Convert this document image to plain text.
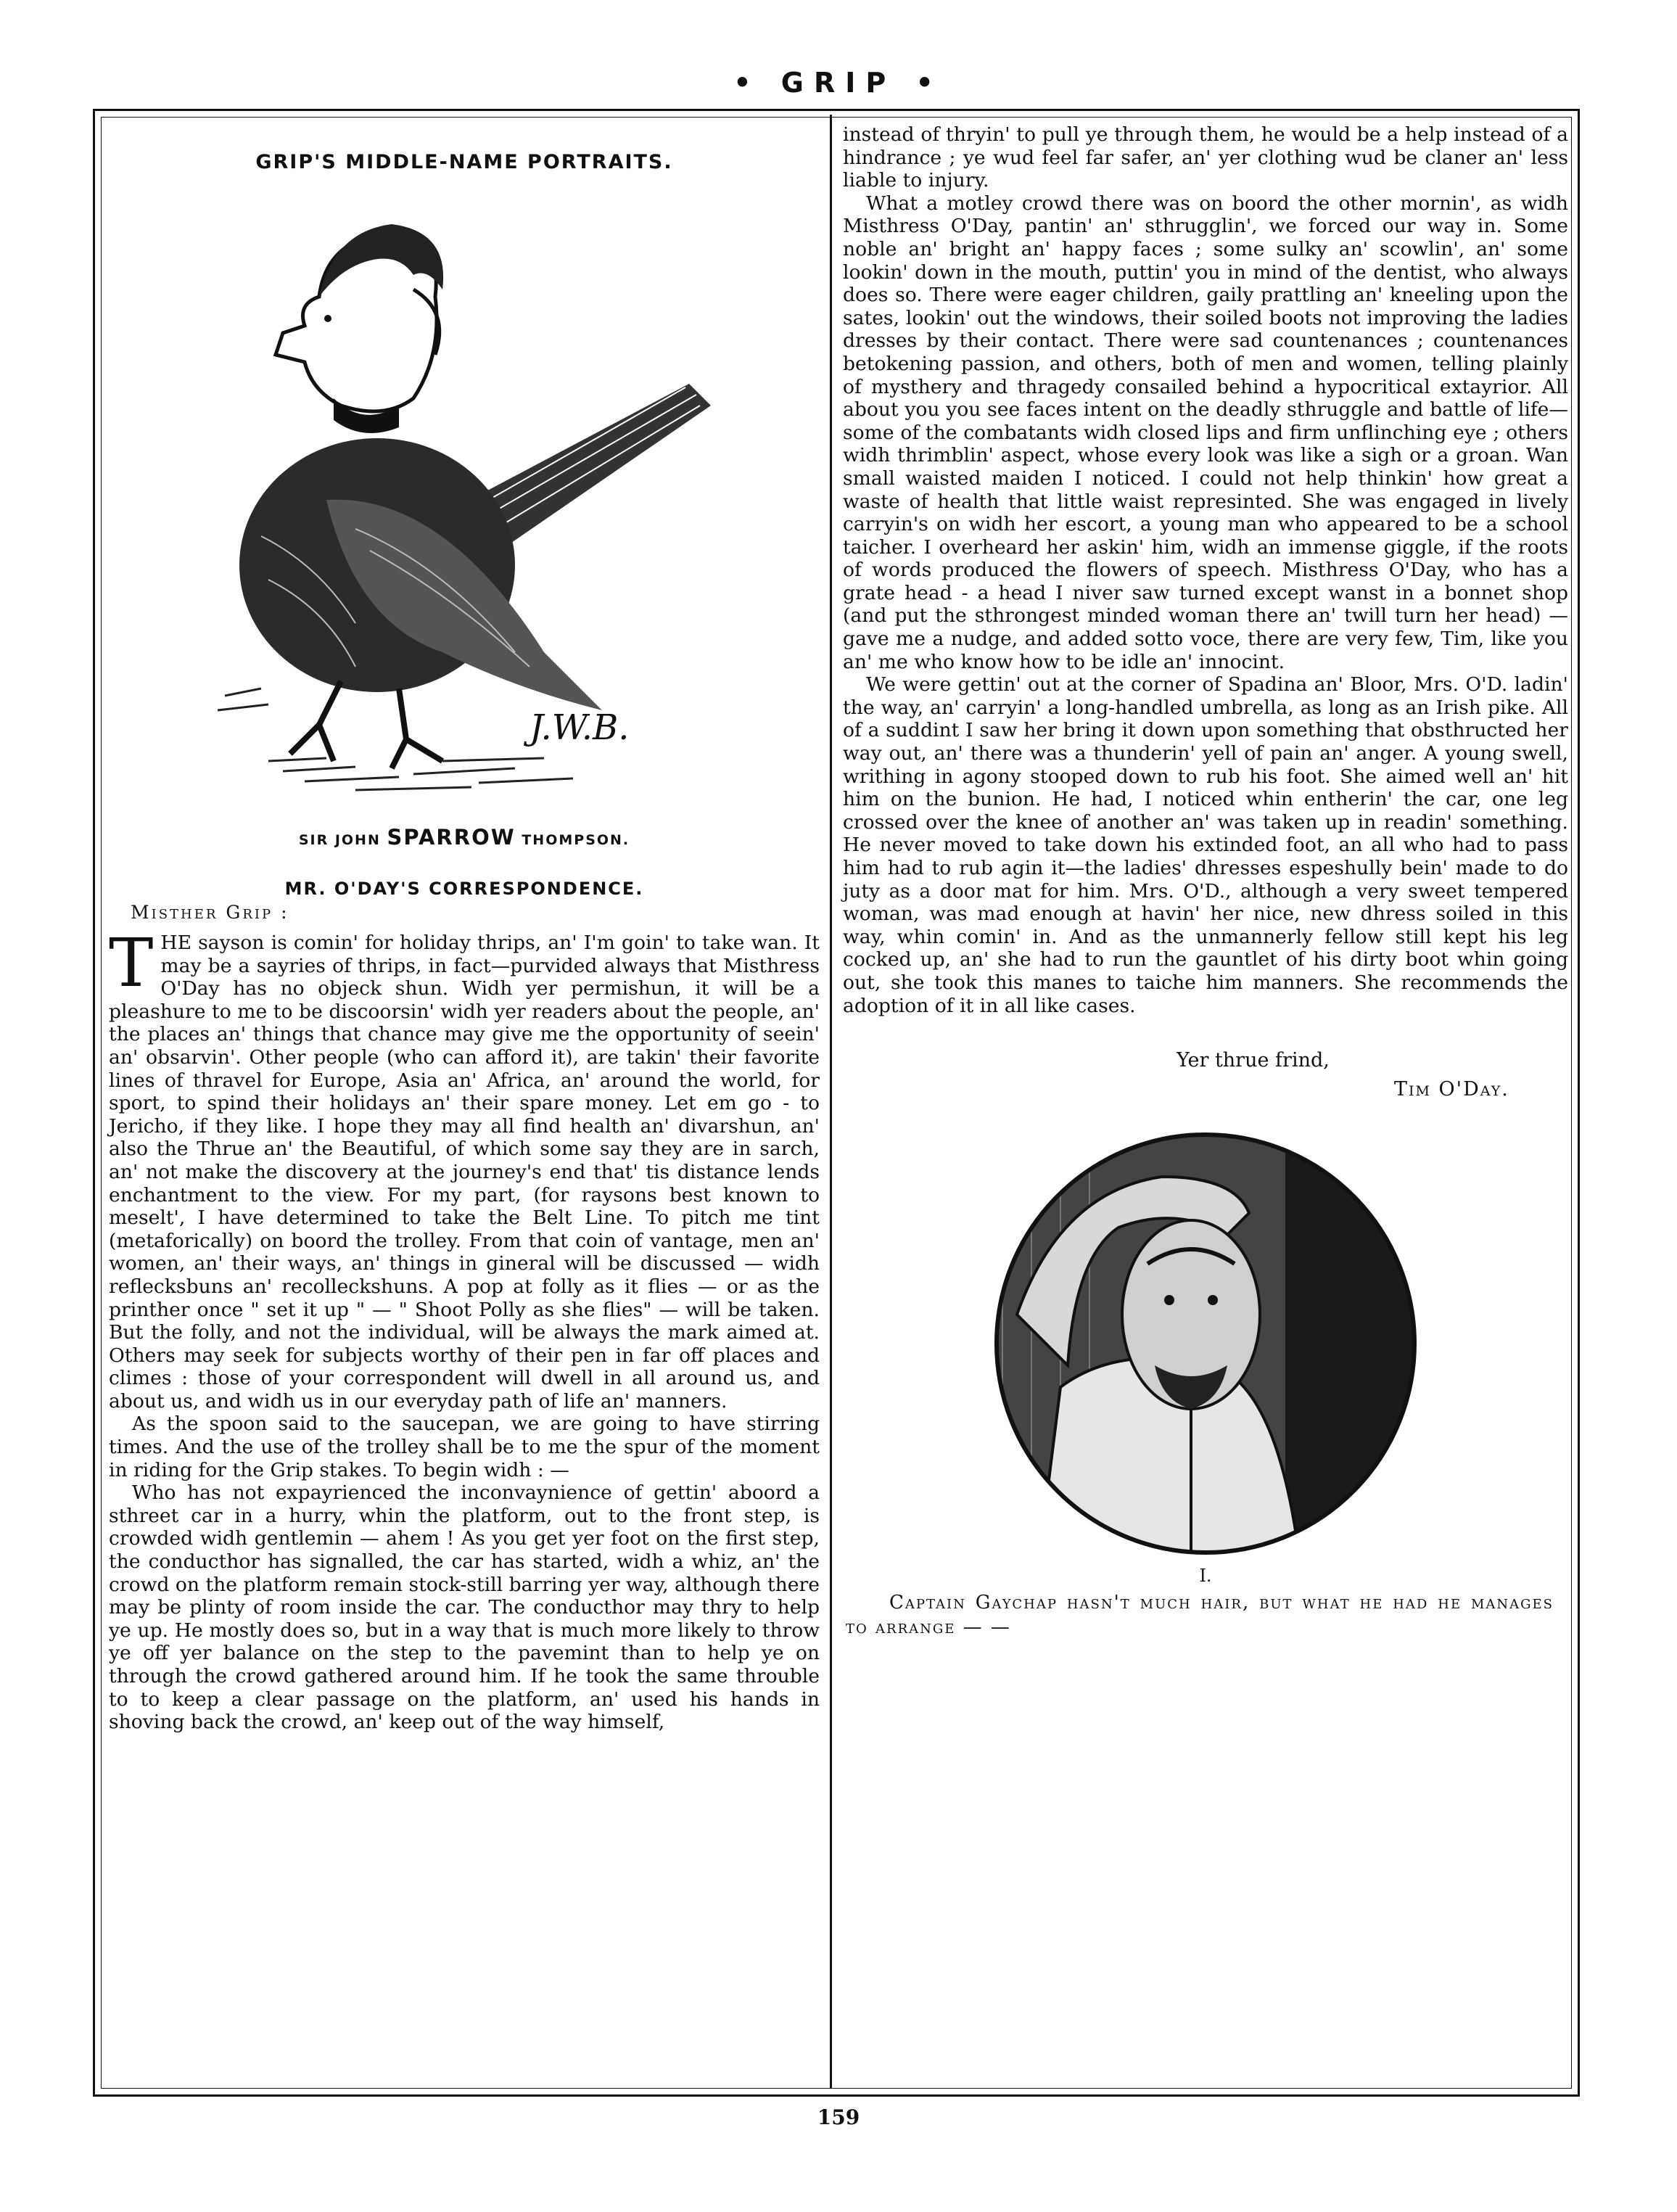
• GRIP •
GRIP'S MIDDLE-NAME PORTRAITS.
J.W.B.
SIR JOHN SPARROW THOMPSON.
MR. O'DAY'S CORRESPONDENCE.
Misther Grip :

THE sayson is comin' for holiday thrips, an' I'm goin' to take wan. It may be a sayries of thrips, in fact—purvided always that Misthress O'Day has no objeck shun. Widh yer permishun, it will be a pleashure to me to be discoorsin' widh yer readers about the people, an' the places an' things that chance may give me the opportunity of seein' an' obsarvin'. Other people (who can afford it), are takin' their favorite lines of thravel for Europe, Asia an' Africa, an' around the world, for sport, to spind their holidays an' their spare money. Let em go - to Jericho, if they like. I hope they may all find health an' divarshun, an' also the Thrue an' the Beautiful, of which some say they are in sarch, an' not make the discovery at the journey's end that' tis distance lends enchantment to the view. For my part, (for raysons best known to meselt', I have determined to take the Belt Line. To pitch me tint (metaforically) on boord the trolley. From that coin of vantage, men an' women, an' their ways, an' things in gineral will be discussed — widh reflecksbuns an' recolleckshuns. A pop at folly as it flies — or as the printher once " set it up " — " Shoot Polly as she flies" — will be taken. But the folly, and not the individual, will be always the mark aimed at. Others may seek for subjects worthy of their pen in far off places and climes : those of your correspondent will dwell in all around us, and about us, and widh us in our everyday path of life an' manners.

As the spoon said to the saucepan, we are going to have stirring times. And the use of the trolley shall be to me the spur of the moment in riding for the Grip stakes. To begin widh : —

Who has not expayrienced the inconvaynience of gettin' aboord a sthreet car in a hurry, whin the platform, out to the front step, is crowded widh gentlemin — ahem ! As you get yer foot on the first step, the conducthor has signalled, the car has started, widh a whiz, an' the crowd on the platform remain stock-still barring yer way, although there may be plinty of room inside the car. The conducthor may thry to help ye up. He mostly does so, but in a way that is much more likely to throw ye off yer balance on the step to the pavemint than to help ye on through the crowd gathered around him. If he took the same throuble to to keep a clear passage on the platform, an' used his hands in shoving back the crowd, an' keep out of the way himself,

instead of thryin' to pull ye through them, he would be a help instead of a hindrance ; ye wud feel far safer, an' yer clothing wud be claner an' less liable to injury.

What a motley crowd there was on boord the other mornin', as widh Misthress O'Day, pantin' an' sthrugglin', we forced our way in. Some noble an' bright an' happy faces ; some sulky an' scowlin', an' some lookin' down in the mouth, puttin' you in mind of the dentist, who always does so. There were eager children, gaily prattling an' kneeling upon the sates, lookin' out the windows, their soiled boots not improving the ladies dresses by their contact. There were sad countenances ; countenances betokening passion, and others, both of men and women, telling plainly of mysthery and thragedy consailed behind a hypocritical extayrior. All about you you see faces intent on the deadly sthruggle and battle of life—some of the combatants widh closed lips and firm unflinching eye ; others widh thrimblin' aspect, whose every look was like a sigh or a groan. Wan small waisted maiden I noticed. I could not help thinkin' how great a waste of health that little waist represinted. She was engaged in lively carryin's on widh her escort, a young man who appeared to be a school taicher. I overheard her askin' him, widh an immense giggle, if the roots of words produced the flowers of speech. Misthress O'Day, who has a grate head - a head I niver saw turned except wanst in a bonnet shop (and put the sthrongest minded woman there an' twill turn her head) — gave me a nudge, and added sotto voce, there are very few, Tim, like you an' me who know how to be idle an' innocint.

We were gettin' out at the corner of Spadina an' Bloor, Mrs. O'D. ladin' the way, an' carryin' a long-handled umbrella, as long as an Irish pike. All of a suddint I saw her bring it down upon something that obsthructed her way out, an' there was a thunderin' yell of pain an' anger. A young swell, writhing in agony stooped down to rub his foot. She aimed well an' hit him on the bunion. He had, I noticed whin entherin' the car, one leg crossed over the knee of another an' was taken up in readin' something. He never moved to take down his extinded foot, an all who had to pass him had to rub agin it—the ladies' dhresses espeshully bein' made to do juty as a door mat for him. Mrs. O'D., although a very sweet tempered woman, was mad enough at havin' her nice, new dhress soiled in this way, whin comin' in. And as the unmannerly fellow still kept his leg cocked up, an' she had to run the gauntlet of his dirty boot whin going out, she took this manes to taiche him manners. She recommends the adoption of it in all like cases.

Yer thrue frind,
Tim O'Day.
I.
Captain Gaychap hasn't much hair, but what he had he manages to arrange — —
159
